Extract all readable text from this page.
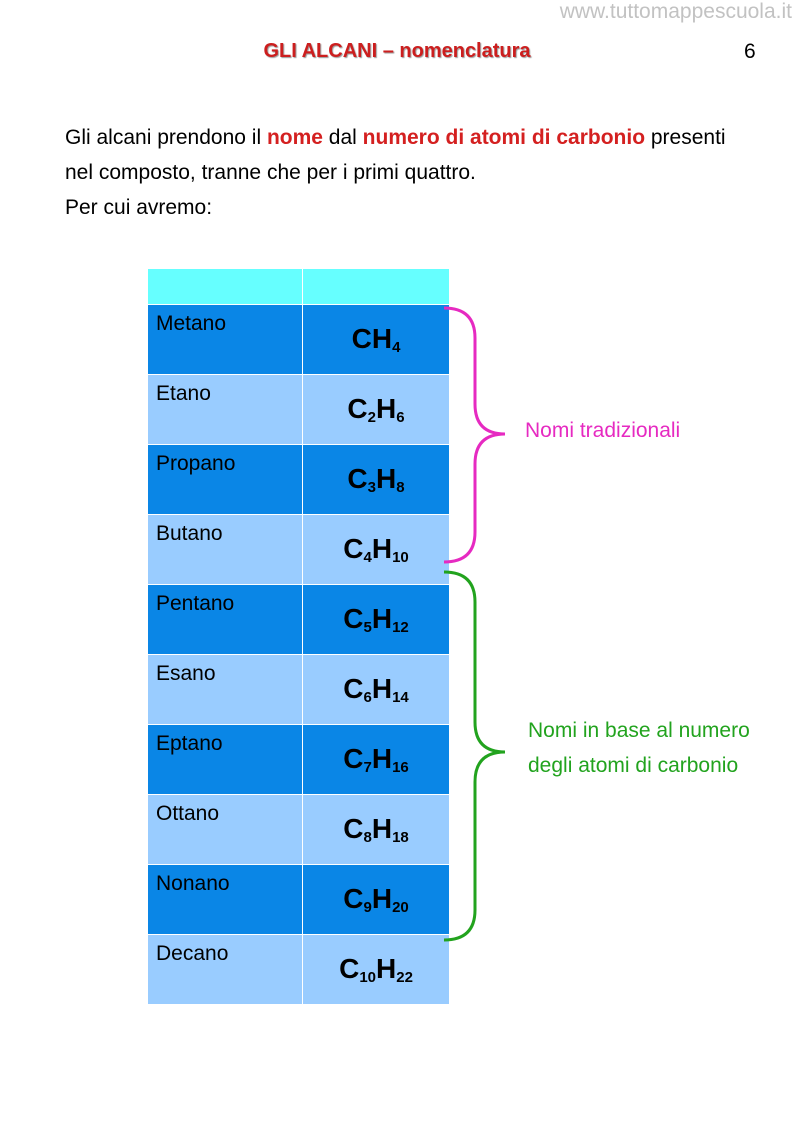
www.tuttomappescuola.it
GLI ALCANI – nomenclatura	6
Gli alcani prendono il nome dal numero di atomi di carbonio presenti nel composto, tranne che per i primi quattro.
Per cui avremo:

Metano	$CH_4$
Etano	$C_2H_6$
Propano	$C_3H_8$
Butano	$C_4H_{10}$
Pentano	$C_5H_{12}$
Esano	$C_6H_{14}$
Eptano	$C_7H_{16}$
Ottano	$C_8H_{18}$
Nonano	$C_9H_{20}$
Decano	$C_{10}H_{22}$
Nomi tradizionali
Nomi in base al numero degli atomi di carbonio
